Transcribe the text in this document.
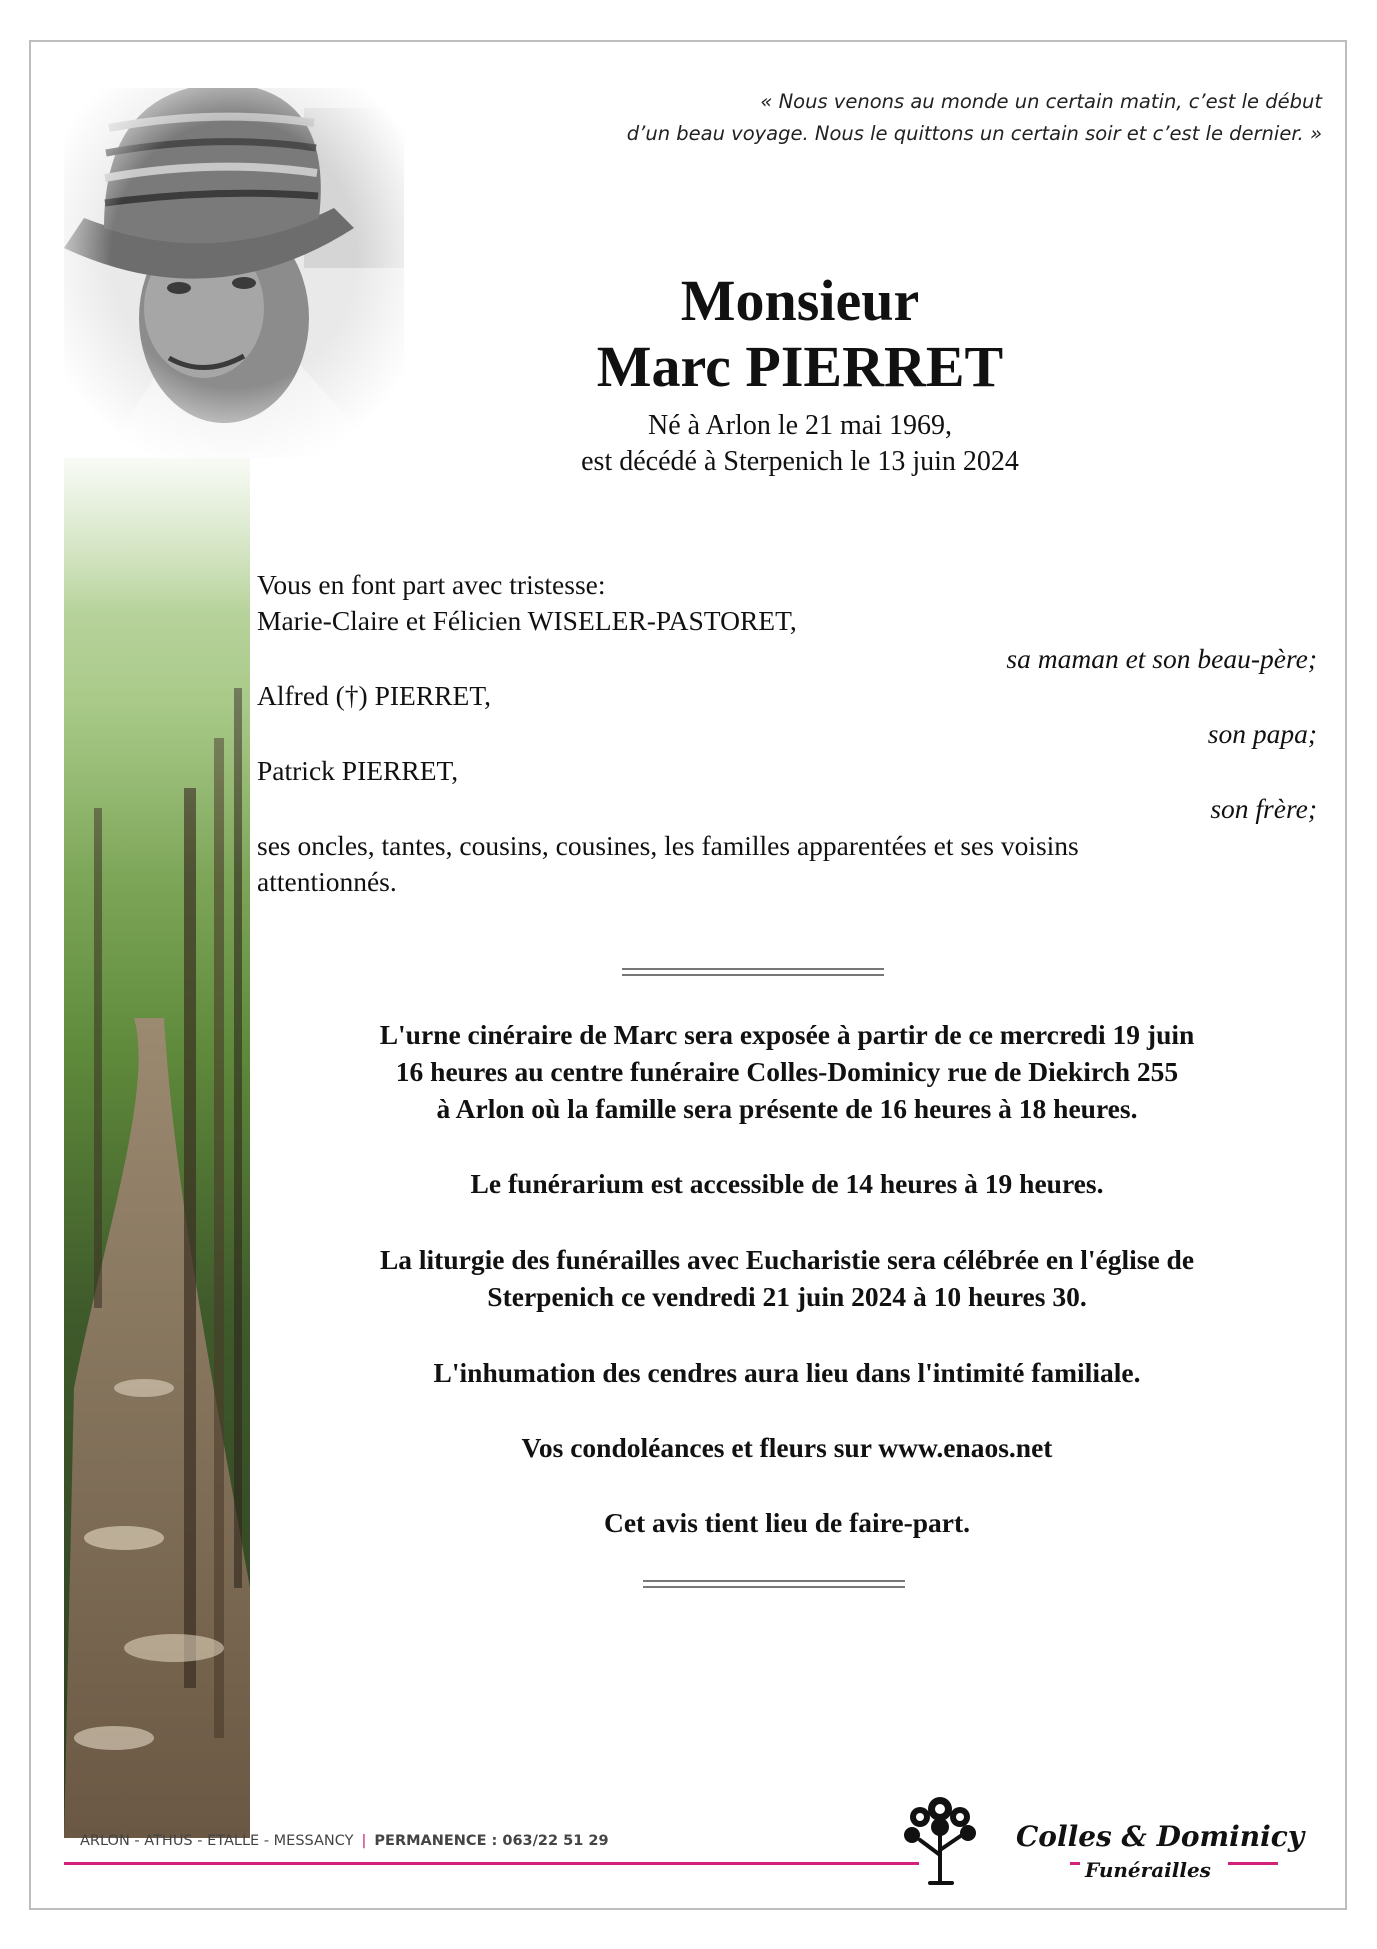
« Nous venons au monde un certain matin, c’est le début
d’un beau voyage. Nous le quittons un certain soir et c’est le dernier. »
Monsieur
Marc PIERRET
Né à Arlon le 21 mai 1969,
est décédé à Sterpenich le 13 juin 2024
Vous en font part avec tristesse:
Marie-Claire et Félicien WISELER-PASTORET,
sa maman et son beau-père;
Alfred (†) PIERRET,
son papa;
Patrick PIERRET,
son frère;
ses oncles, tantes, cousins, cousines, les familles apparentées et ses voisins
attentionnés.
L'urne cinéraire de Marc sera exposée à partir de ce mercredi 19 juin
16 heures au centre funéraire Colles-Dominicy rue de Diekirch 255
à Arlon où la famille sera présente de 16 heures à 18 heures.
Le funérarium est accessible de 14 heures à 19 heures.
La liturgie des funérailles avec Eucharistie sera célébrée en l'église de
Sterpenich ce vendredi 21 juin 2024 à 10 heures 30.
L'inhumation des cendres aura lieu dans l'intimité familiale.
Vos condoléances et fleurs sur www.enaos.net
Cet avis tient lieu de faire-part.
ARLON - ATHUS - ETALLE - MESSANCY | PERMANENCE : 063/22 51 29	Colles & Dominicy
Funérailles
